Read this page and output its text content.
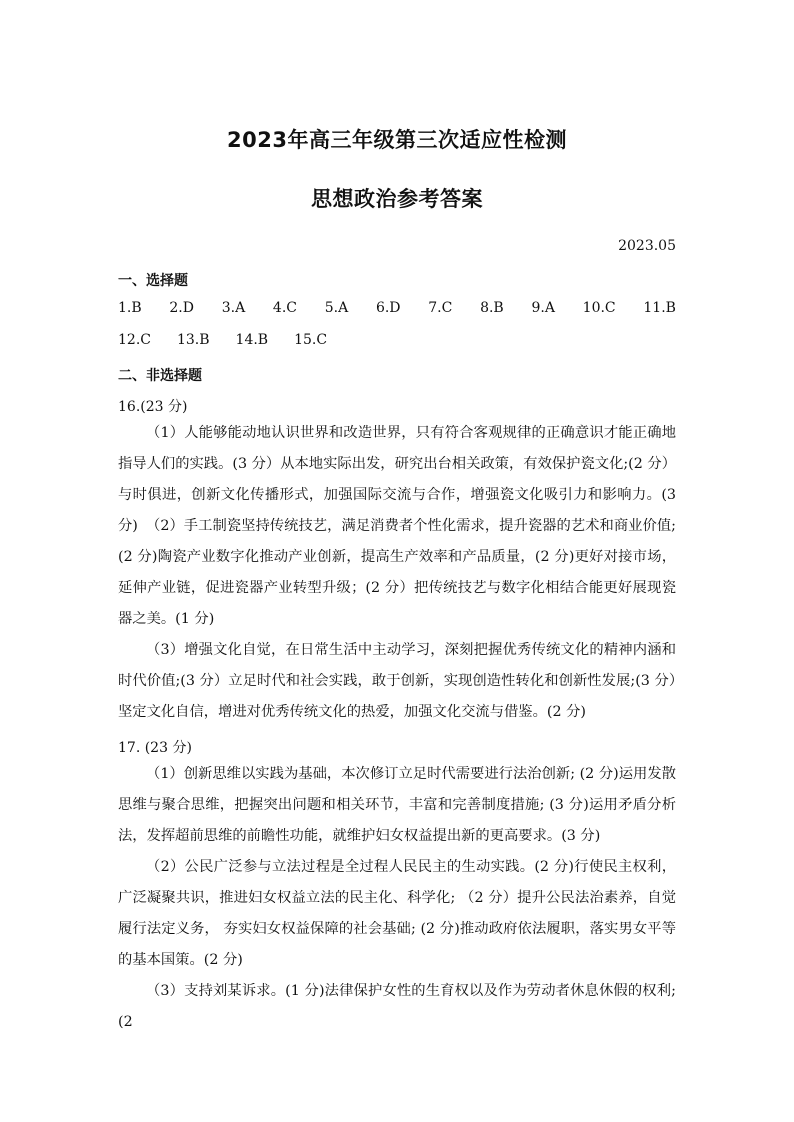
2023年高三年级第三次适应性检测
思想政治参考答案
2023.05
一、选择题
1.B 2.D 3.A 4.C 5.A 6.D 7.C 8.B 9.A 10.C 11.B
12.C 13.B 14.B 15.C
二、非选择题
16.(23 分)
（1）人能够能动地认识世界和改造世界，只有符合客观规律的正确意识才能正确地指导人们的实践。(3 分）从本地实际出发，研究出台相关政策，有效保护瓷文化;(2 分）与时俱进，创新文化传播形式，加强国际交流与合作，增强瓷文化吸引力和影响力。(3 分) （2）手工制瓷坚持传统技艺，满足消费者个性化需求，提升瓷器的艺术和商业价值;(2 分)陶瓷产业数字化推动产业创新，提高生产效率和产品质量，(2 分)更好对接市场，延伸产业链，促进瓷器产业转型升级；(2 分）把传统技艺与数字化相结合能更好展现瓷器之美。(1 分)
（3）增强文化自觉，在日常生活中主动学习，深刻把握优秀传统文化的精神内涵和时代价值;(3 分）立足时代和社会实践，敢于创新，实现创造性转化和创新性发展;(3 分）坚定文化自信，增进对优秀传统文化的热爱，加强文化交流与借鉴。(2 分)
17. (23 分)
（1）创新思维以实践为基础，本次修订立足时代需要进行法治创新; (2 分)运用发散思维与聚合思维，把握突出问题和相关环节，丰富和完善制度措施; (3 分)运用矛盾分析法，发挥超前思维的前瞻性功能，就维护妇女权益提出新的更高要求。(3 分)
（2）公民广泛参与立法过程是全过程人民民主的生动实践。(2 分)行使民主权利，广泛凝聚共识，推进妇女权益立法的民主化、科学化; （2 分）提升公民法治素养，自觉履行法定义务， 夯实妇女权益保障的社会基础; (2 分)推动政府依法履职，落实男女平等的基本国策。(2 分)
（3）支持刘某诉求。(1 分)法律保护女性的生育权以及作为劳动者休息休假的权利; (2
